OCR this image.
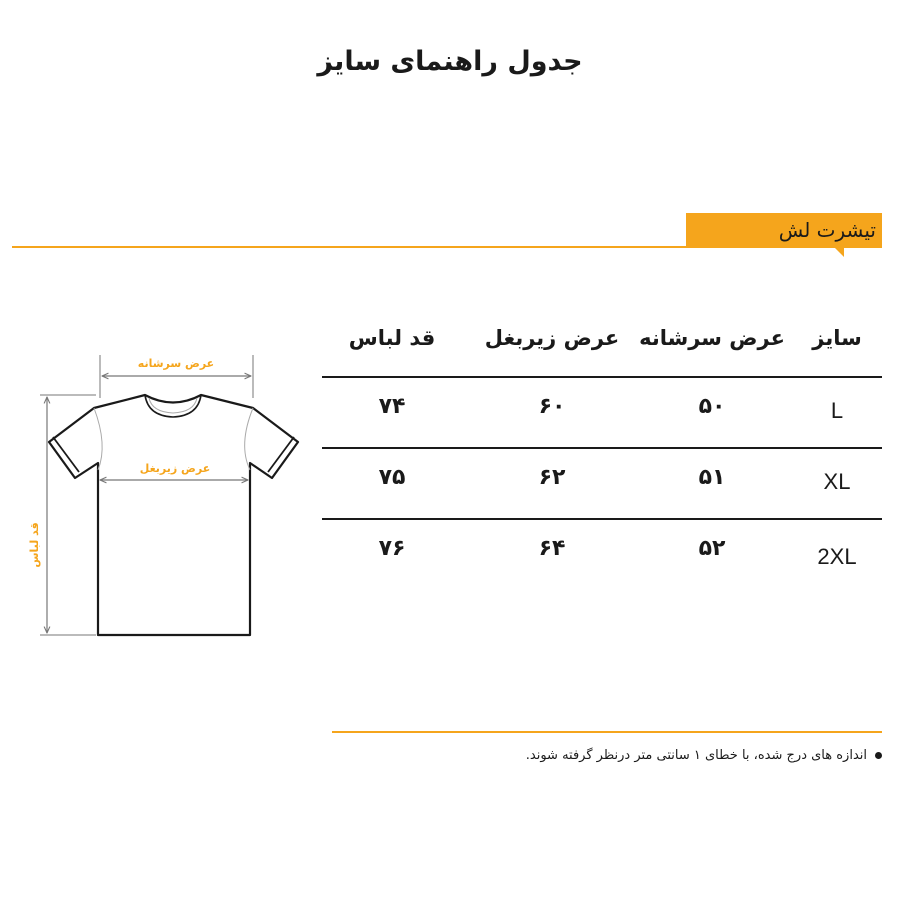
جدول راهنمای سایز
تیشرت لش
عرض سرشانه
عرض زیربغل
قد لباس
سایز
عرض سرشانه
عرض زیربغل
قد لباس
L
۵۰
۶۰
۷۴
XL
۵۱
۶۲
۷۵
2XL
۵۲
۶۴
۷۶
اندازه های درج شده، با خطای ۱ سانتی متر درنظر گرفته شوند.
